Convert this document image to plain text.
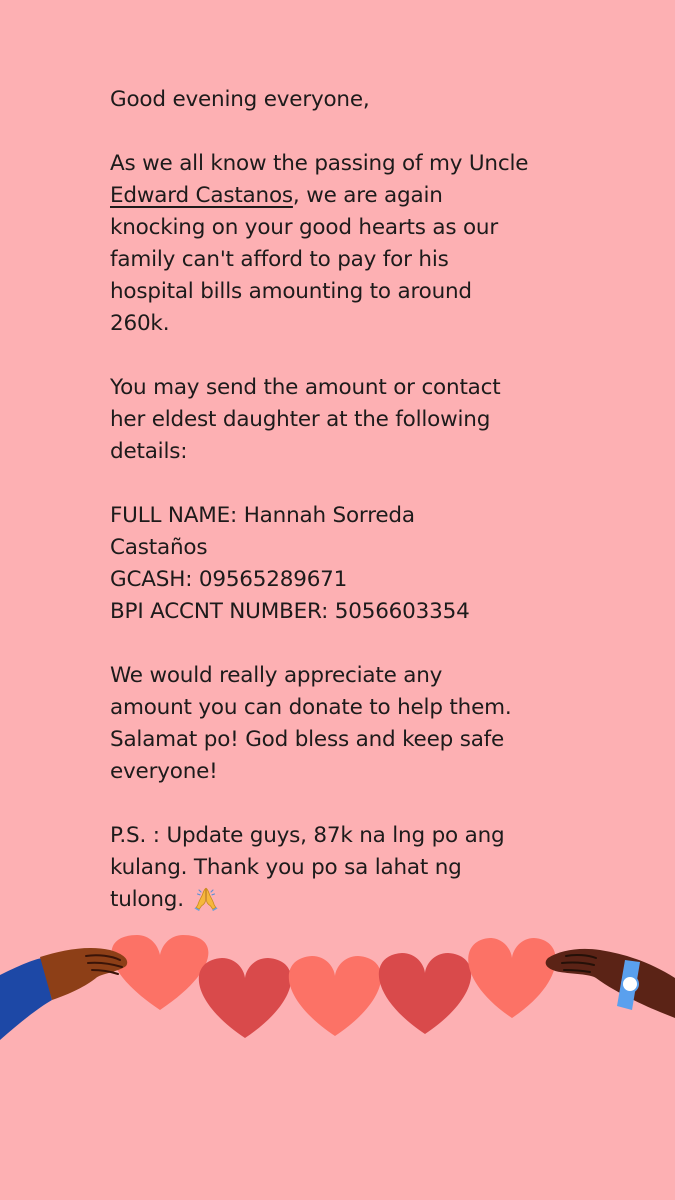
Good evening everyone,

As we all know the passing of my Uncle
Edward Castanos, we are again
knocking on your good hearts as our
family can't afford to pay for his
hospital bills amounting to around
260k.

You may send the amount or contact
her eldest daughter at the following
details:

FULL NAME: Hannah Sorreda
Castaños
GCASH: 09565289671
BPI ACCNT NUMBER: 5056603354

We would really appreciate any
amount you can donate to help them.
Salamat po! God bless and keep safe
everyone!

P.S. : Update guys, 87k na lng po ang
kulang. Thank you po sa lahat ng
tulong.
